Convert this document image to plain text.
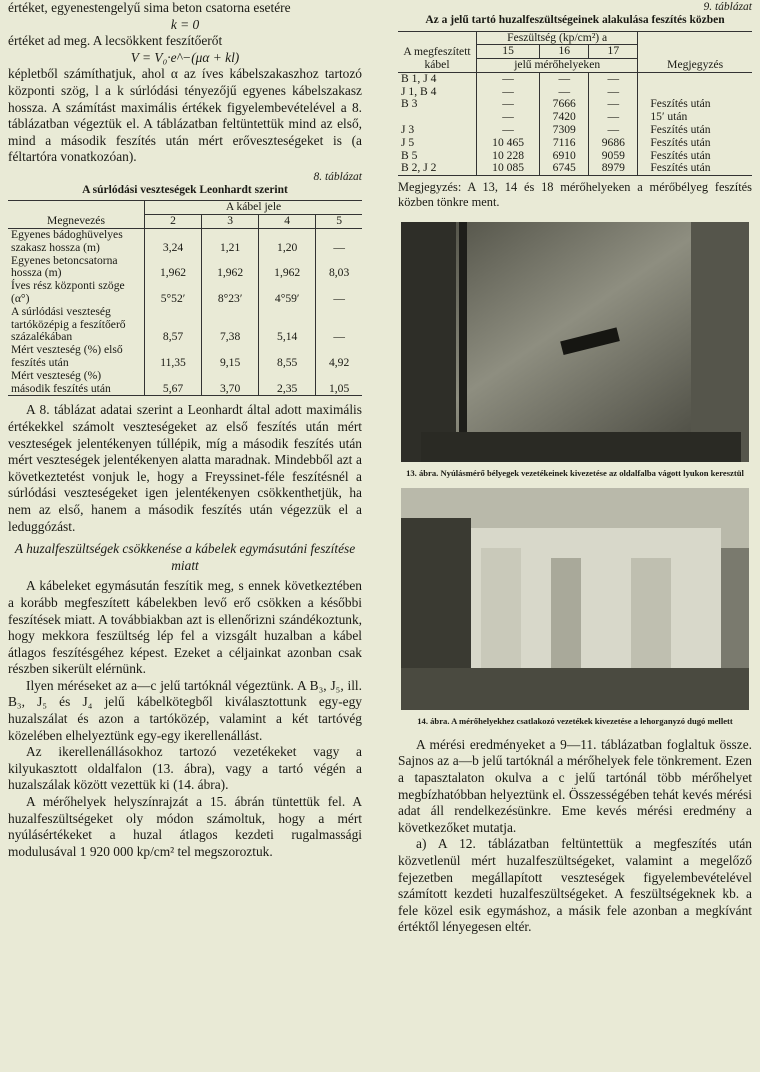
értéket, egyenestengelyű sima beton csatorna esetére

k = 0

értéket ad meg. A lecsökkent feszítőerőt

V = V₀·e^−(μα + kl)

képletből számíthatjuk, ahol α az íves kábelszakaszhoz tartozó központi szög, l a k súrlódási tényezőjű egyenes kábelszakasz hossza. A számítást maximális értékek figyelembevételével a 8. táblázatban végeztük el. A táblázatban feltüntettük mind az első, mind a második feszítés után mért erőveszteségeket is (a féltartóra vonatkozóan).

8. táblázat
A súrlódási veszteségek Leonhardt szerint
Megnevezés	A kábel jele			
	2	3	4	5
Egyenes bádoghüvelyes szakasz hossza (m)	3,24	1,21	1,20	—
Egyenes betoncsatorna hossza (m)	1,962	1,962	1,962	8,03
Íves rész központi szöge (α°)	5°52′	8°23′	4°59′	—
A súrlódási veszteség tartóközépig a feszítőerő százalékában	8,57	7,38	5,14	—
Mért veszteség (%) első feszítés után	11,35	9,15	8,55	4,92
Mért veszteség (%) második feszítés után	5,67	3,70	2,35	1,05

A 8. táblázat adatai szerint a Leonhardt által adott maximális értékekkel számolt veszteségeket az első feszítés után mért veszteségek jelentékenyen túllépik, míg a második feszítés után mért veszteségek jelentékenyen alatta maradnak. Mindebből azt a következtetést vonjuk le, hogy a Freyssinet-féle feszítésnél a súrlódási veszteségeket igen jelentékenyen csökkenthetjük, ha nem az első, hanem a második feszítés után végezzük el a leduggózást.

A huzalfeszültségek csökkenése a kábelek egymásutáni feszítése miatt

A kábeleket egymásután feszítik meg, s ennek következtében a korább megfeszített kábelekben levő erő csökken a későbbi feszítések miatt. A továbbiakban azt is ellenőrizni szándékoztunk, hogy mekkora feszültség lép fel a vizsgált huzalban a kábel átlagos feszítésgéhez képest. Ezeket a céljainkat azonban csak részben sikerült elérnünk.

Ilyen méréseket az a—c jelű tartóknál végeztünk. A B₃, J₅, ill. B₃, J₅ és J₄ jelű kábelkötegből kiválasztottunk egy-egy huzalszálat és azon a tartóközép, valamint a két tartóvég közelében elhelyeztünk egy-egy ikerellenállást.

Az ikerellenállásokhoz tartozó vezetékeket vagy a kilyukasztott oldalfalon (13. ábra), vagy a tartó végén a huzalszálak között vezettük ki (14. ábra).

A mérőhelyek helyszínrajzát a 15. ábrán tüntettük fel. A huzalfeszültségeket oly módon számoltuk, hogy a mért nyúlásértékeket a huzal átlagos kezdeti rugalmassági modulusával 1 920 000 kp/cm² tel megszoroztuk.

9. táblázat
Az a jelű tartó huzalfeszültségeinek alakulása feszítés közben
A megfeszített kábel	Feszültség (kp/cm²) a			Megjegyzés
	15	16	17	
	jelű mérőhelyeken			
B 1, J 4	—	—	—	
J 1, B 4	—	—	—	
B 3	—	7666	—	Feszítés után
	—	7420	—	15′ után
J 3	—	7309	—	Feszítés után
J 5	10 465	7116	9686	Feszítés után
B 5	10 228	6910	9059	Feszítés után
B 2, J 2	10 085	6745	8979	Feszítés után
Megjegyzés: A 13, 14 és 18 mérőhelyeken a mérőbélyeg feszítés közben tönkre ment.
13. ábra. Nyúlásmérő bélyegek vezetékeinek kivezetése az oldalfalba vágott lyukon keresztül
14. ábra. A mérőhelyekhez csatlakozó vezetékek kivezetése a lehorganyzó dugó mellett

A mérési eredményeket a 9—11. táblázatban foglaltuk össze. Sajnos az a—b jelű tartóknál a mérőhelyek fele tönkrement. Ezen a tapasztalaton okulva a c jelű tartónál több mérőhelyet megbízhatóbban helyeztünk el. Összességében tehát kevés mérési adat áll rendelkezésünkre. Eme kevés mérési eredmény a következőket mutatja.

a) A 12. táblázatban feltüntettük a megfeszítés után közvetlenül mért huzalfeszültségeket, valamint a megelőző fejezetben megállapított veszteségek figyelembevételével számított kezdeti huzalfeszültségeket. A feszültségeknek kb. a fele közel esik egymáshoz, a másik fele azonban a megkívánt értéktől lényegesen eltér.
